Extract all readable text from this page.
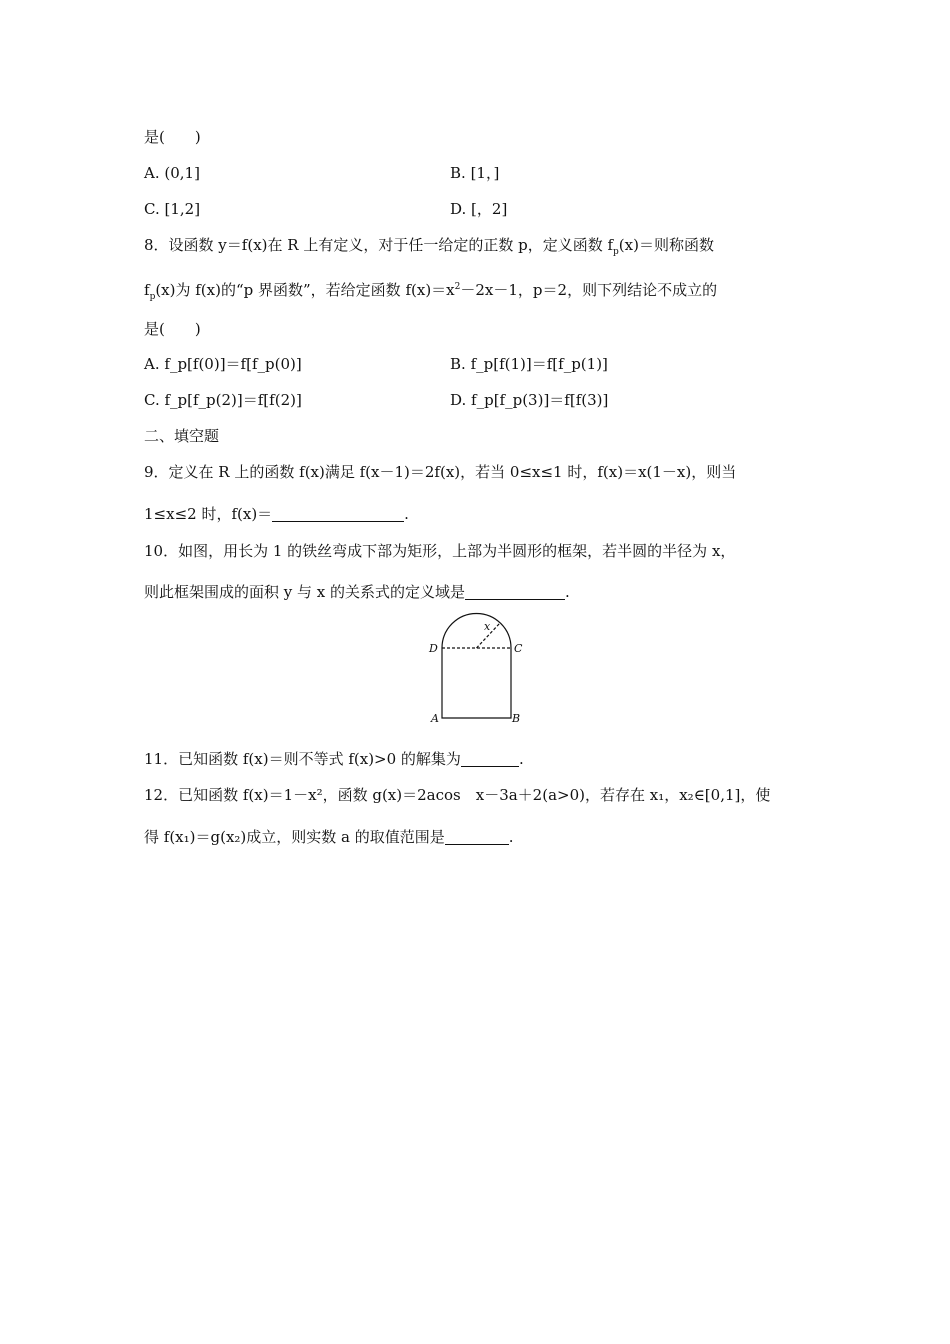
是(　　)
A. (0,1]	B. [1，]
C. [1,2]	D. [，2]
8．设函数 y＝f(x)在 R 上有定义，对于任一给定的正数 p，定义函数 $f_p(x)=$则称函数
$f_p(x)$为 f(x)的“p 界函数”，若给定函数 $f(x)=x^2-2x-1$，p＝2，则下列结论不成立的
是(　　)
A. f_p[f(0)]＝f[f_p(0)]	B. f_p[f(1)]＝f[f_p(1)]
C. f_p[f_p(2)]＝f[f(2)]	D. f_p[f_p(3)]＝f[f(3)]
二、填空题
9．定义在 R 上的函数 f(x)满足 f(x－1)＝2f(x)，若当 0≤x≤1 时，f(x)＝x(1－x)，则当
1≤x≤2 时，f(x)＝	.
10．如图，用长为 1 的铁丝弯成下部为矩形，上部为半圆形的框架，若半圆的半径为 x，
则此框架围成的面积 y 与 x 的关系式的定义域是	.
D	C
A	B
x
11．已知函数 f(x)＝则不等式 f(x)>0 的解集为	.
12．已知函数 f(x)＝1－x²，函数 g(x)＝2acos　x－3a＋2(a>0)，若存在 x₁，x₂∈[0,1]，使
得 f(x₁)＝g(x₂)成立，则实数 a 的取值范围是	.
